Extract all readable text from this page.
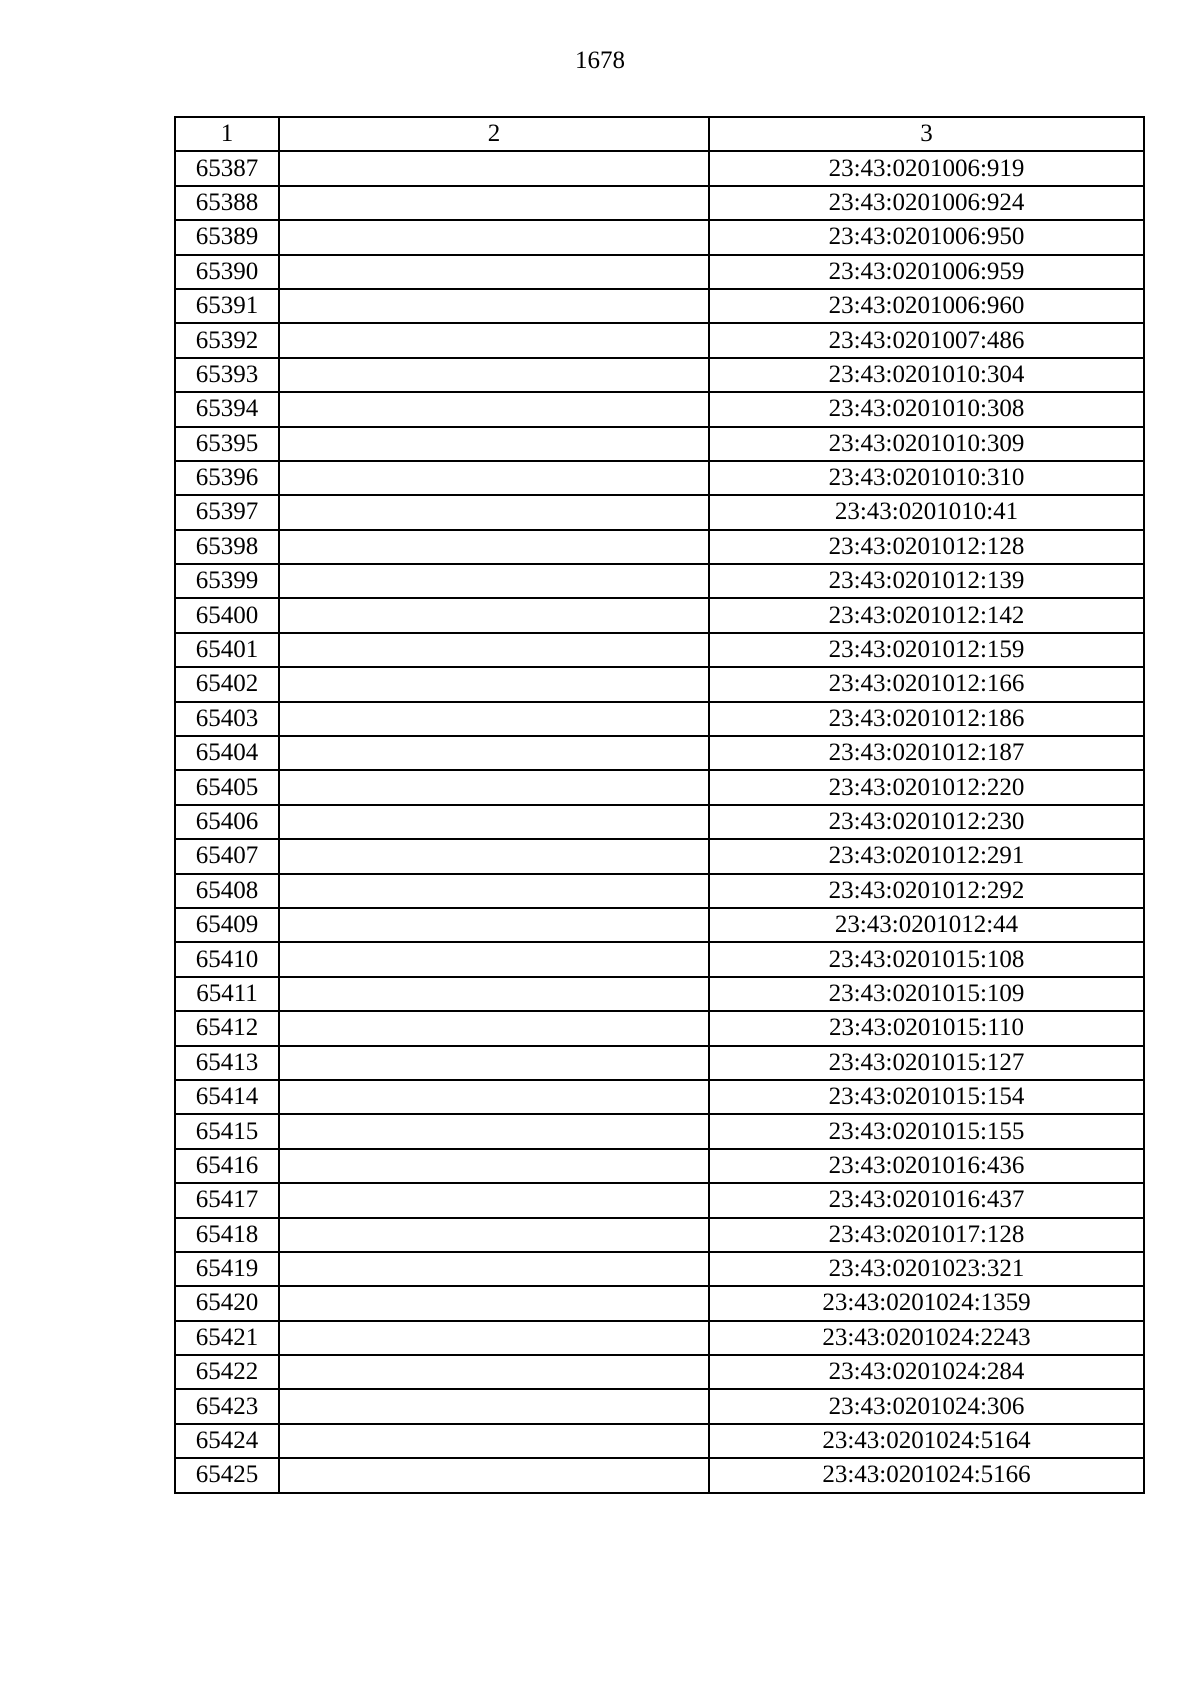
1678
1	2	3
65387		23:43:0201006:919
65388		23:43:0201006:924
65389		23:43:0201006:950
65390		23:43:0201006:959
65391		23:43:0201006:960
65392		23:43:0201007:486
65393		23:43:0201010:304
65394		23:43:0201010:308
65395		23:43:0201010:309
65396		23:43:0201010:310
65397		23:43:0201010:41
65398		23:43:0201012:128
65399		23:43:0201012:139
65400		23:43:0201012:142
65401		23:43:0201012:159
65402		23:43:0201012:166
65403		23:43:0201012:186
65404		23:43:0201012:187
65405		23:43:0201012:220
65406		23:43:0201012:230
65407		23:43:0201012:291
65408		23:43:0201012:292
65409		23:43:0201012:44
65410		23:43:0201015:108
65411		23:43:0201015:109
65412		23:43:0201015:110
65413		23:43:0201015:127
65414		23:43:0201015:154
65415		23:43:0201015:155
65416		23:43:0201016:436
65417		23:43:0201016:437
65418		23:43:0201017:128
65419		23:43:0201023:321
65420		23:43:0201024:1359
65421		23:43:0201024:2243
65422		23:43:0201024:284
65423		23:43:0201024:306
65424		23:43:0201024:5164
65425		23:43:0201024:5166
